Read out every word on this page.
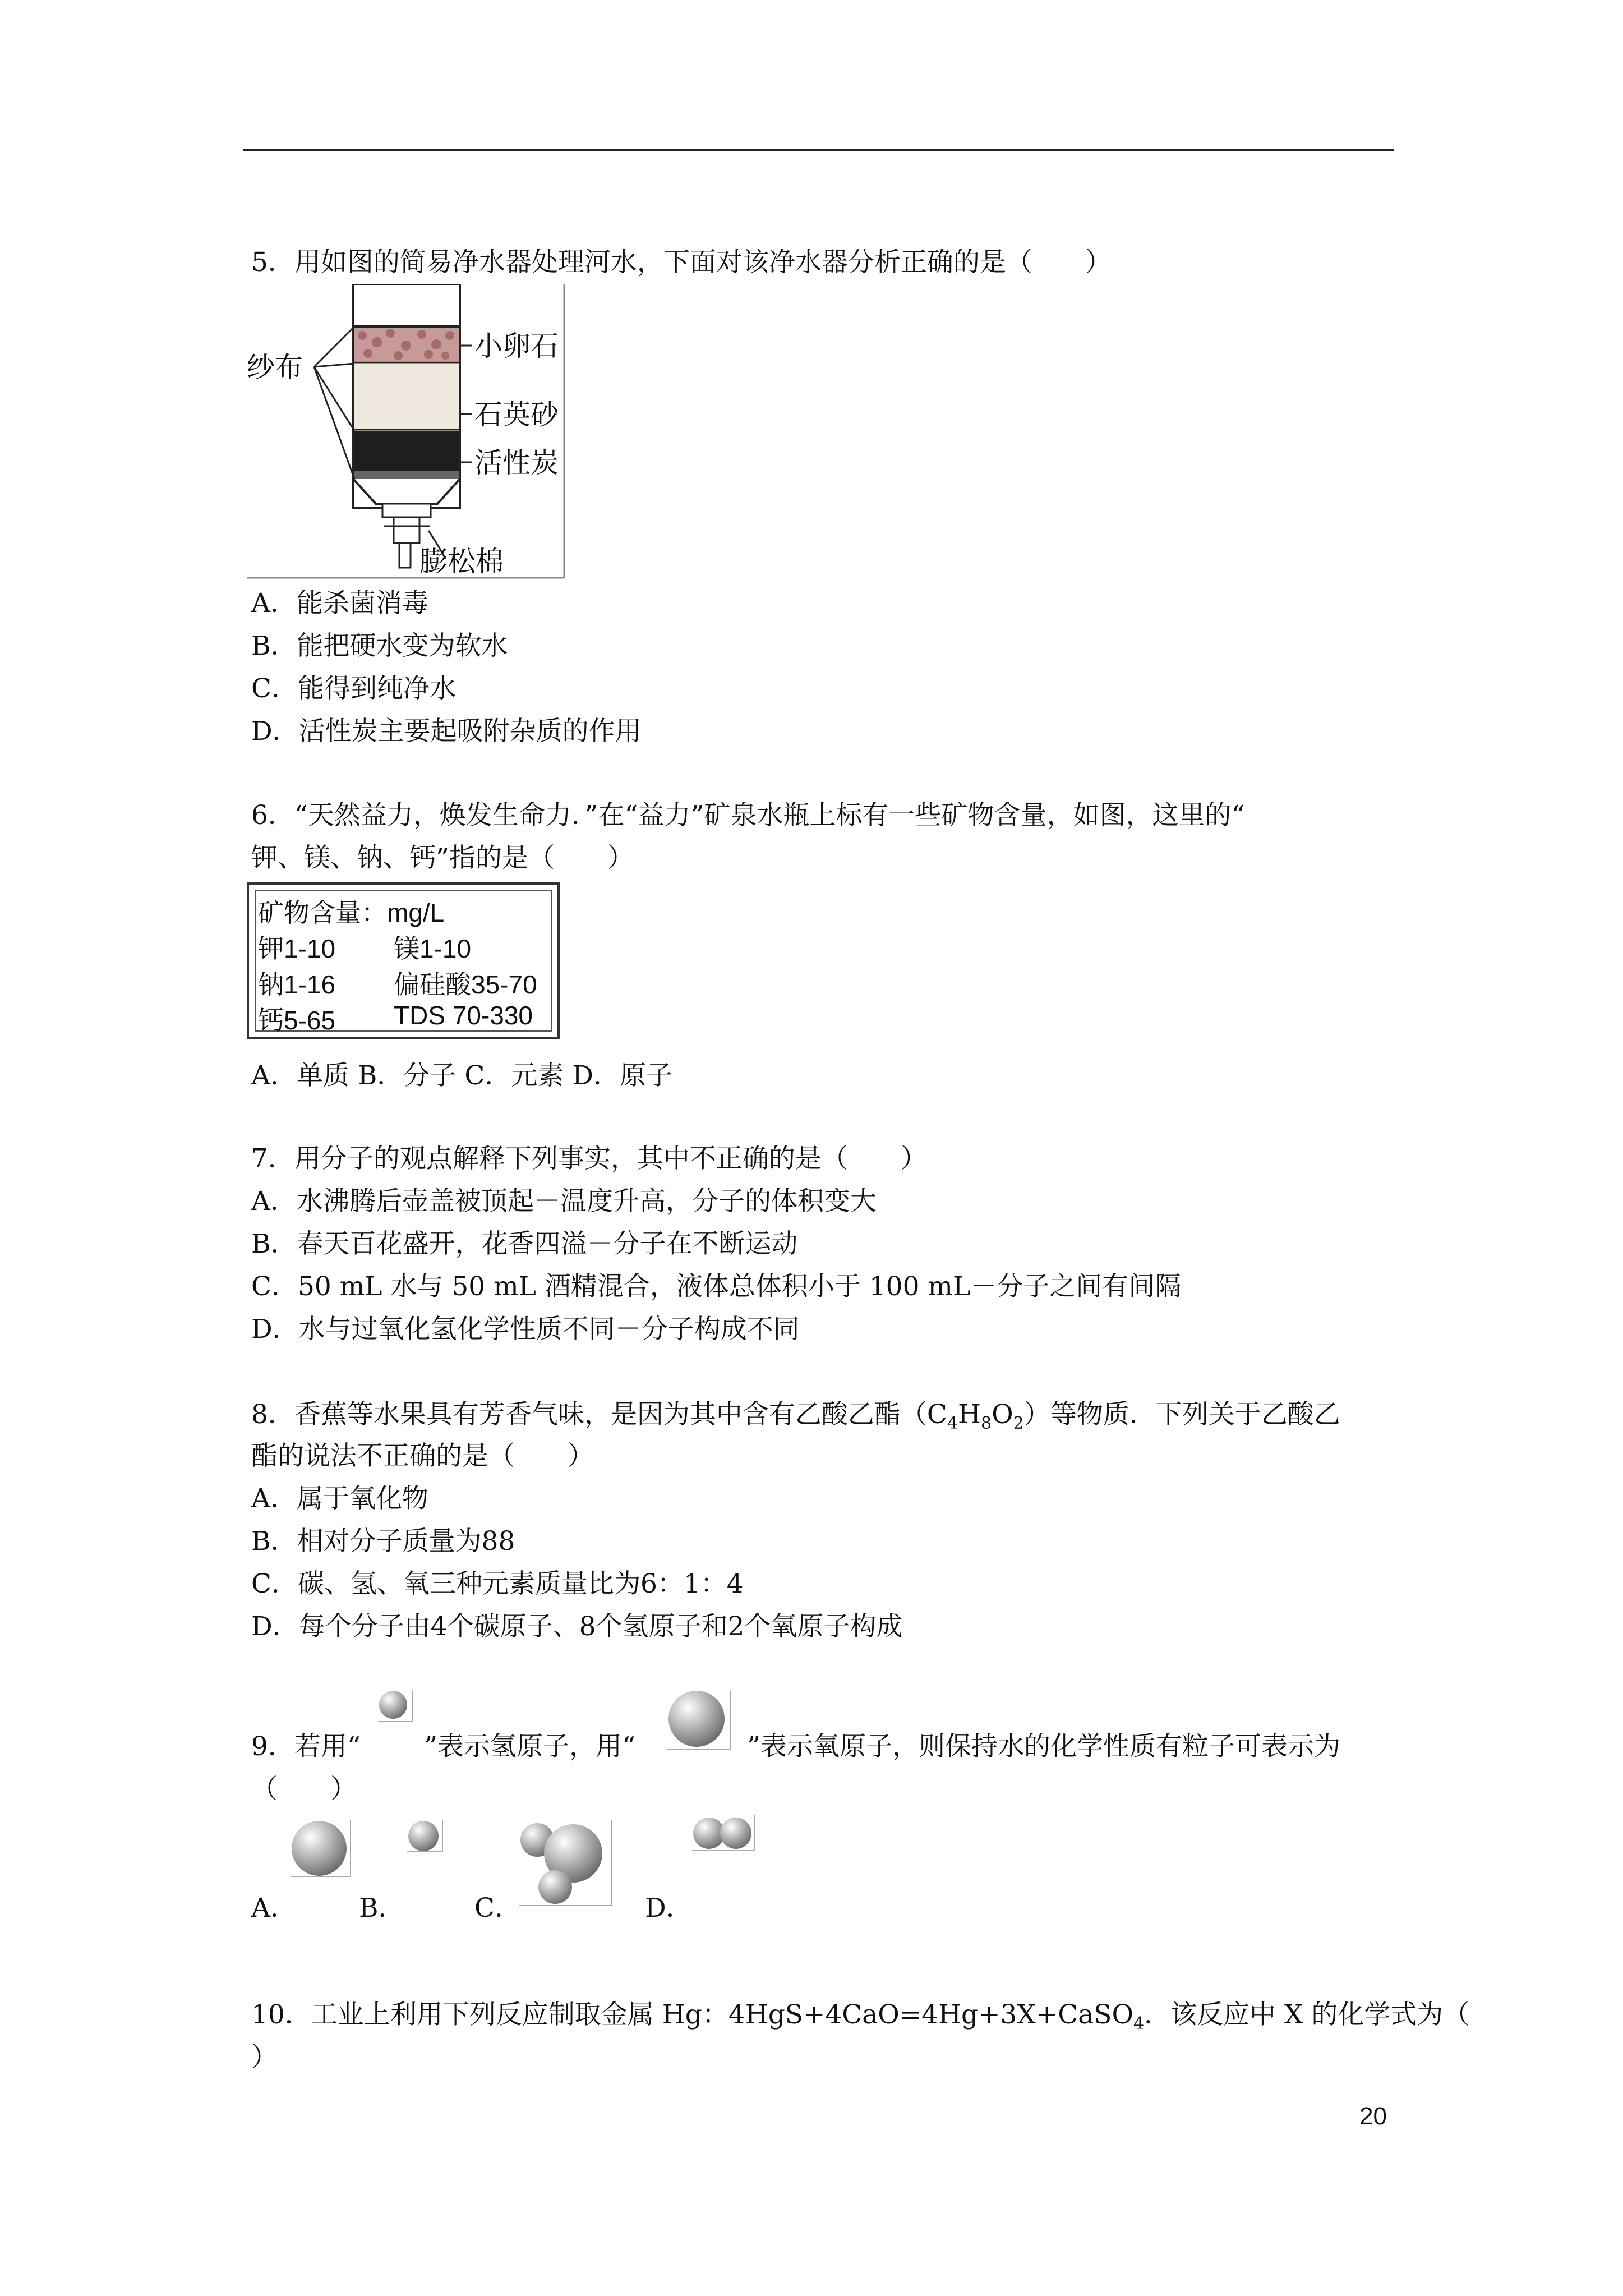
5．用如图的简易净水器处理河水，下面对该净水器分析正确的是（　　）
纱布
小卵石
石英砂
活性炭
膨松棉
A．能杀菌消毒
B．能把硬水变为软水
C．能得到纯净水
D．活性炭主要起吸附杂质的作用
6．“天然益力，焕发生命力．”在“益力”矿泉水瓶上标有一些矿物含量，如图，这里的“
钾、镁、钠、钙”指的是（　　）
矿物含量：mg/L
钾1-10 镁1-10
钠1-16 偏硅酸35-70
钙5-65 TDS 70-330
A．单质 B．分子 C．元素 D．原子
7．用分子的观点解释下列事实，其中不正确的是（　　）
A．水沸腾后壶盖被顶起－温度升高，分子的体积变大
B．春天百花盛开，花香四溢－分子在不断运动
C．50 mL 水与 50 mL 酒精混合，液体总体积小于 100 mL－分子之间有间隔
D．水与过氧化氢化学性质不同－分子构成不同
8．香蕉等水果具有芳香气味，是因为其中含有乙酸乙酯$(C_4H_8O_2)$等物质．下列关于乙酸乙
酯的说法不正确的是（　　）
A．属于氧化物
B．相对分子质量为88
C．碳、氢、氧三种元素质量比为6：1：4
D．每个分子由4个碳原子、8个氢原子和2个氧原子构成
9．若用“ ”表示氢原子，用“	”表示氧原子，则保持水的化学性质有粒子可表示为
（　　）
A． B．	C．	D．
10．工业上利用下列反应制取金属 Hg：4HgS+4CaO=4Hg+3X+CaSO$_4$．该反应中 X 的化学式为（
）
20
